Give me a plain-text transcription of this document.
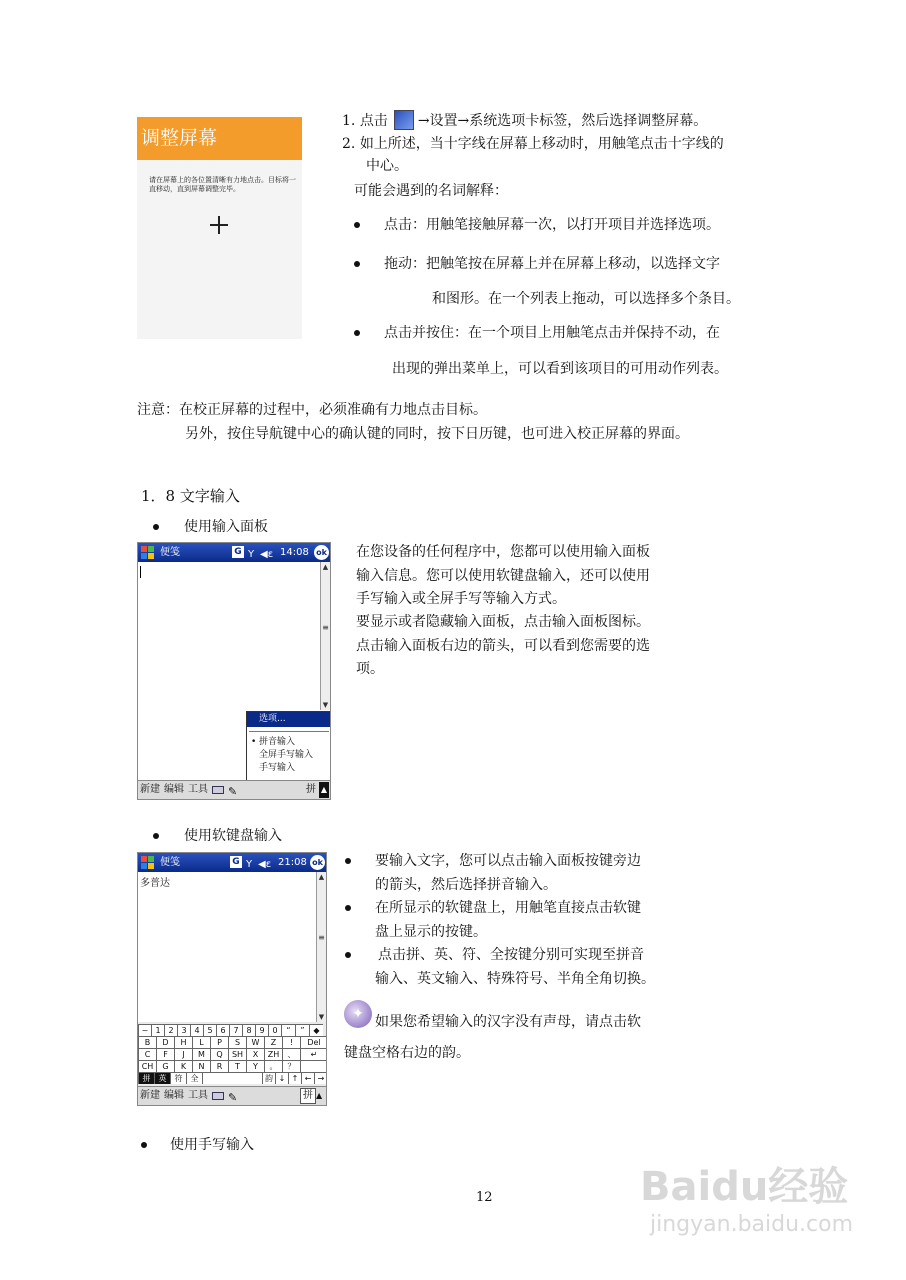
调整屏幕
请在屏幕上的各位置清晰有力地点击。目标将一直移动，直到屏幕调整完毕。
1. 点击 →设置→系统选项卡标签，然后选择调整屏幕。
2. 如上所述，当十字线在屏幕上移动时，用触笔点击十字线的
中心。
可能会遇到的名词解释：
点击：用触笔接触屏幕一次，以打开项目并选择选项。
拖动：把触笔按在屏幕上并在屏幕上移动，以选择文字
和图形。在一个列表上拖动，可以选择多个条目。
点击并按住：在一个项目上用触笔点击并保持不动，在
出现的弹出菜单上，可以看到该项目的可用动作列表。
注意：在校正屏幕的过程中，必须准确有力地点击目标。
另外，按住导航键中心的确认键的同时，按下日历键，也可进入校正屏幕的界面。
1．8 文字输入
使用输入面板
便笺	G Y ◀ε 14:08 ok
▲
≡
▼
选项...
• 拼音输入
全屏手写输入
手写输入
新建 编辑 工具 ✎	拼 ▲
在您设备的任何程序中，您都可以使用输入面板
输入信息。您可以使用软键盘输入，还可以使用
手写输入或全屏手写等输入方式。
要显示或者隐藏输入面板，点击输入面板图标。
点击输入面板右边的箭头，可以看到您需要的选
项。
使用软键盘输入
便笺	G Y ◀ε 21:08 ok
多普达
▲
≡
▼
~ 1 2 3 4 5 6 7 8 9 0	“	”	◆
B	D	H	L	P	S	W	Z	!	Del
C	F	J	M	Q	SH	X	ZH	、	↵
CH	G	K	N	R	T	Y	。	？
拼	英	符	全	韵 ↓ ↑ ← →
新建 编辑 工具 ✎	拼 ▲
要输入文字，您可以点击输入面板按键旁边
的箭头，然后选择拼音输入。
在所显示的软键盘上，用触笔直接点击软键
盘上显示的按键。
点击拼、英、符、全按键分别可实现至拼音
输入、英文输入、特殊符号、半角全角切换。
✦ 如果您希望输入的汉字没有声母，请点击软
键盘空格右边的韵。
使用手写输入
12	Baidu经验
jingyan.baidu.com
